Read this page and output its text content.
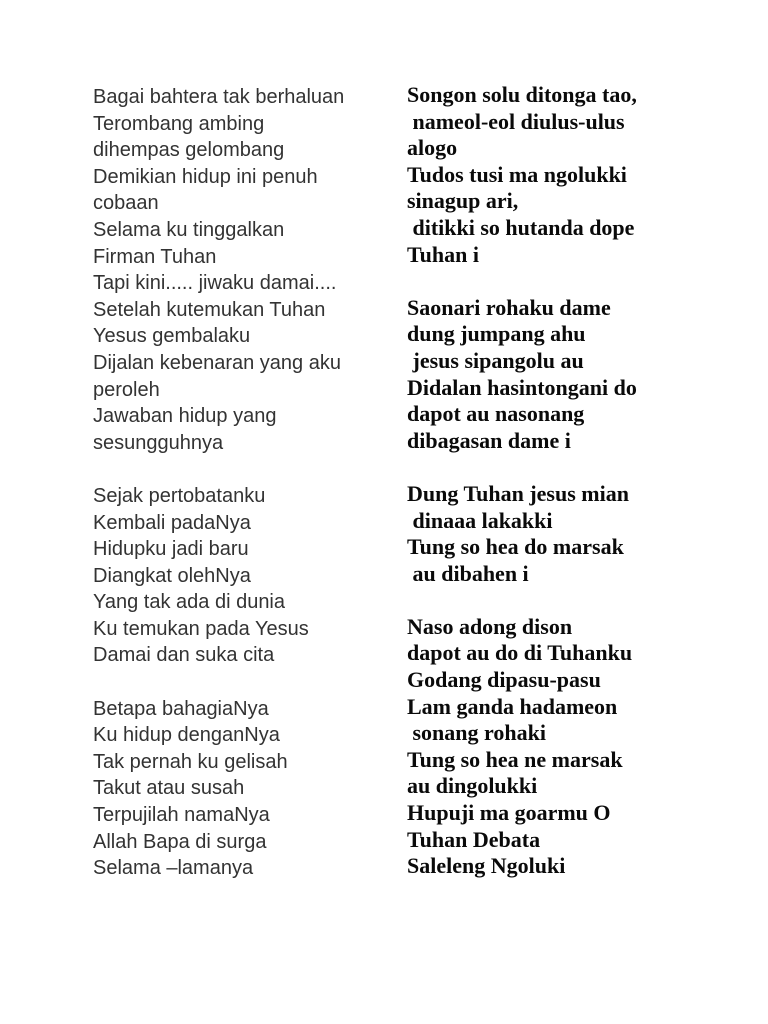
Bagai bahtera tak berhaluan
Terombang ambing
dihempas gelombang
Demikian hidup ini penuh
cobaan
Selama ku tinggalkan
Firman Tuhan
Tapi kini..... jiwaku damai....
Setelah kutemukan Tuhan
Yesus gembalaku
Dijalan kebenaran yang aku
peroleh
Jawaban hidup yang
sesungguhnya
Sejak pertobatanku
Kembali padaNya
Hidupku jadi baru
Diangkat olehNya
Yang tak ada di dunia
Ku temukan pada Yesus
Damai dan suka cita
Betapa bahagiaNya
Ku hidup denganNya
Tak pernah ku gelisah
Takut atau susah
Terpujilah namaNya
Allah Bapa di surga
Selama –lamanya
Songon solu ditonga tao,
nameol-eol diulus-ulus
alogo
Tudos tusi ma ngolukki
sinagup ari,
ditikki so hutanda dope
Tuhan i
Saonari rohaku dame
dung jumpang ahu
jesus sipangolu au
Didalan hasintongani do
dapot au nasonang
dibagasan dame i
Dung Tuhan jesus mian
dinaaa lakakki
Tung so hea do marsak
au dibahen i
Naso adong dison
dapot au do di Tuhanku
Godang dipasu-pasu
Lam ganda hadameon
sonang rohaki
Tung so hea ne marsak
au dingolukki
Hupuji ma goarmu O
Tuhan Debata
Saleleng Ngoluki
